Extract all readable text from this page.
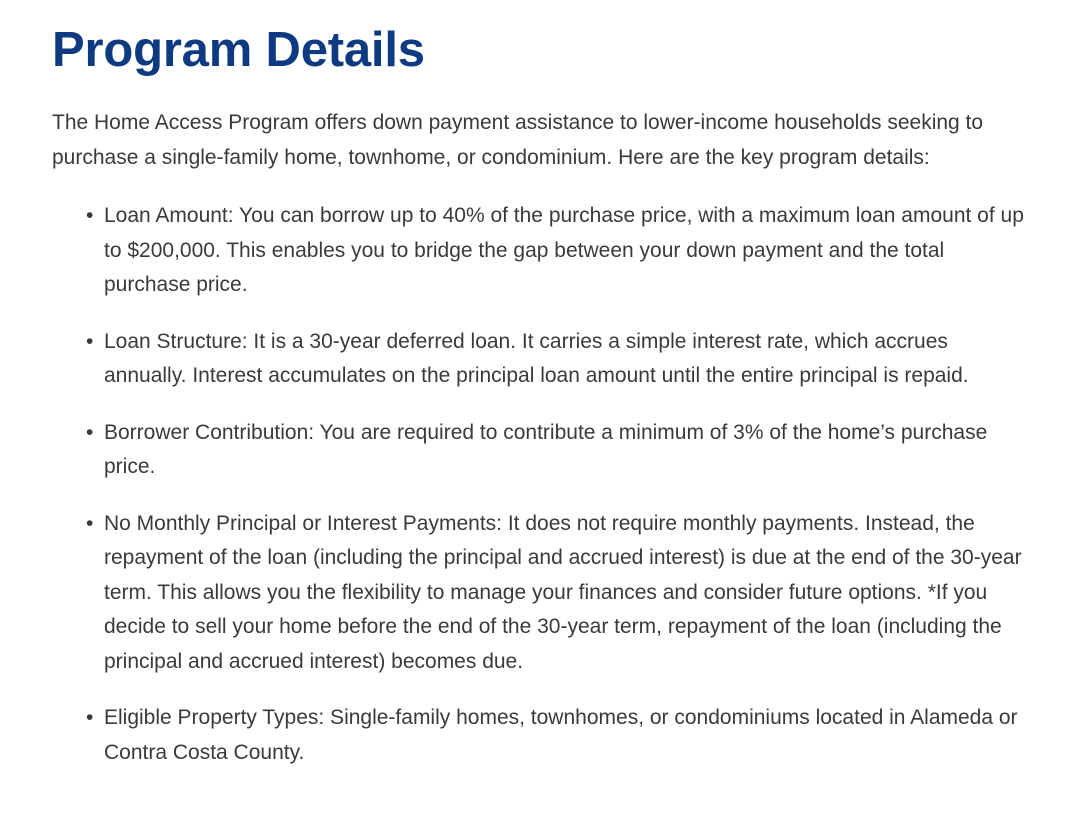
Program Details

The Home Access Program offers down payment assistance to lower-income households seeking to purchase a single-family home, townhome, or condominium. Here are the key program details:

• Loan Amount: You can borrow up to 40% of the purchase price, with a maximum loan amount of up to $200,000. This enables you to bridge the gap between your down payment and the total purchase price.
• Loan Structure: It is a 30-year deferred loan. It carries a simple interest rate, which accrues annually. Interest accumulates on the principal loan amount until the entire principal is repaid.
• Borrower Contribution: You are required to contribute a minimum of 3% of the home’s purchase price.
• No Monthly Principal or Interest Payments: It does not require monthly payments. Instead, the repayment of the loan (including the principal and accrued interest) is due at the end of the 30-year term. This allows you the flexibility to manage your finances and consider future options. *If you decide to sell your home before the end of the 30-year term, repayment of the loan (including the principal and accrued interest) becomes due.
• Eligible Property Types: Single-family homes, townhomes, or condominiums located in Alameda or Contra Costa County.
